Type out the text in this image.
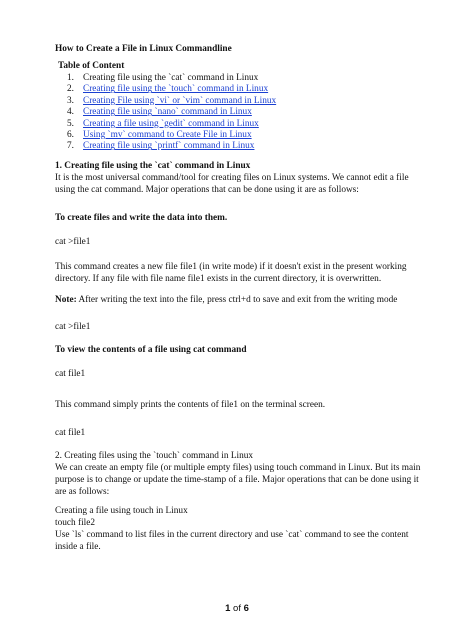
How to Create a File in Linux Commandline

Table of Content

1. Creating file using the `cat` command in Linux
2. Creating file using the `touch` command in Linux
3. Creating File using `vi` or `vim` command in Linux
4. Creating file using `nano` command in Linux
5. Creating a file using `gedit` command in Linux
6. Using `mv` command to Create File in Linux
7. Creating file using `printf` command in Linux

1. Creating file using the `cat` command in Linux

It is the most universal command/tool for creating files on Linux systems. We cannot edit a file using the cat command. Major operations that can be done using it are as follows:

To create files and write the data into them.

cat >file1

This command creates a new file file1 (in write mode) if it doesn't exist in the present working directory. If any file with file name file1 exists in the current directory, it is overwritten.

Note: After writing the text into the file, press ctrl+d to save and exit from the writing mode

cat >file1

To view the contents of a file using cat command

cat file1

This command simply prints the contents of file1 on the terminal screen.

cat file1

2. Creating files using the `touch` command in Linux

We can create an empty file (or multiple empty files) using touch command in Linux. But its main purpose is to change or update the time-stamp of a file. Major operations that can be done using it are as follows:

Creating a file using touch in Linux

touch file2

Use `ls` command to list files in the current directory and use `cat` command to see the content inside a file.

1 of 6
